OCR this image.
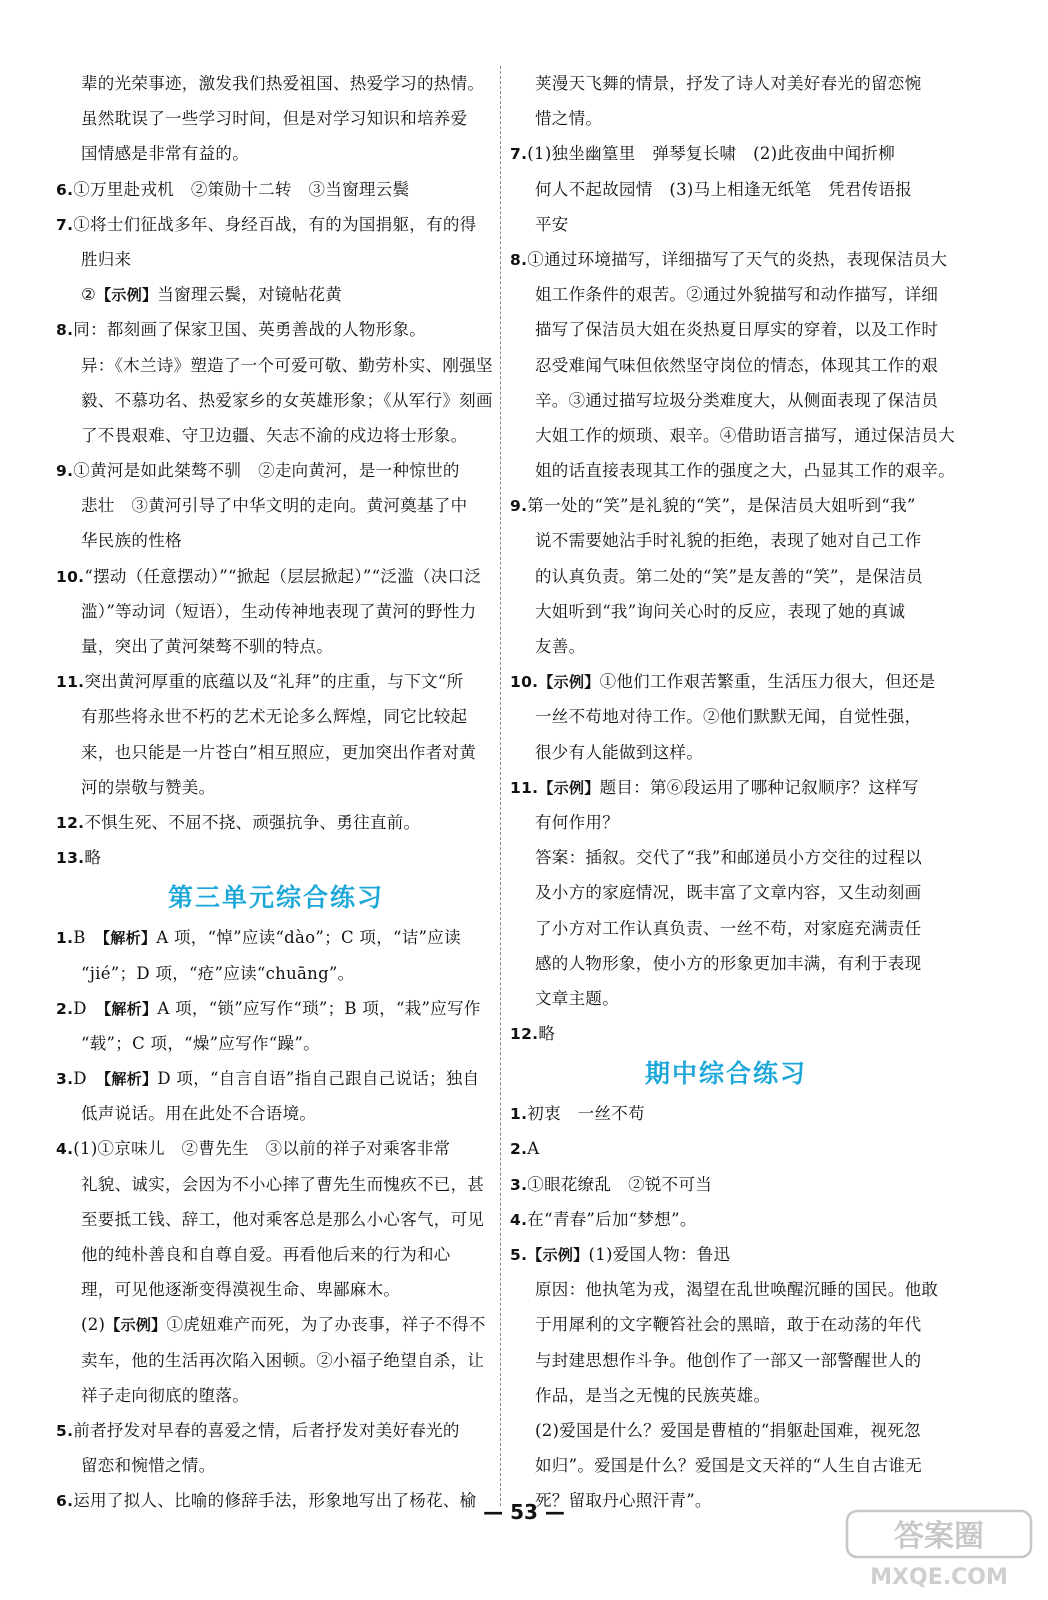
辈的光荣事迹，激发我们热爱祖国、热爱学习的热情。
虽然耽误了一些学习时间，但是对学习知识和培养爱
国情感是非常有益的。
6.①万里赴戎机　②策勋十二转　③当窗理云鬓
7.①将士们征战多年、身经百战，有的为国捐躯，有的得
胜归来
②【示例】当窗理云鬓，对镜帖花黄
8.同：都刻画了保家卫国、英勇善战的人物形象。
异：《木兰诗》塑造了一个可爱可敬、勤劳朴实、刚强坚
毅、不慕功名、热爱家乡的女英雄形象；《从军行》刻画
了不畏艰难、守卫边疆、矢志不渝的戍边将士形象。
9.①黄河是如此桀骜不驯　②走向黄河，是一种惊世的
悲壮　③黄河引导了中华文明的走向。黄河奠基了中
华民族的性格
10.“摆动（任意摆动）”“掀起（层层掀起）”“泛滥（决口泛
滥）”等动词（短语），生动传神地表现了黄河的野性力
量，突出了黄河桀骜不驯的特点。
11.突出黄河厚重的底蕴以及“礼拜”的庄重，与下文“所
有那些将永世不朽的艺术无论多么辉煌，同它比较起
来，也只能是一片苍白”相互照应，更加突出作者对黄
河的崇敬与赞美。
12.不惧生死、不屈不挠、顽强抗争、勇往直前。
13.略
第三单元综合练习
1.B　【解析】A 项，“悼”应读“dào”；C 项，“诘”应读
“jié”；D 项，“疮”应读“chuāng”。
2.D　【解析】A 项，“锁”应写作“琐”；B 项，“栽”应写作
“载”；C 项，“燥”应写作“躁”。
3.D　【解析】D 项，“自言自语”指自己跟自己说话；独自
低声说话。用在此处不合语境。
4.(1)①京味儿　②曹先生　③以前的祥子对乘客非常
礼貌、诚实，会因为不小心摔了曹先生而愧疚不已，甚
至要抵工钱、辞工，他对乘客总是那么小心客气，可见
他的纯朴善良和自尊自爱。再看他后来的行为和心
理，可见他逐渐变得漠视生命、卑鄙麻木。
(2)【示例】①虎妞难产而死，为了办丧事，祥子不得不
卖车，他的生活再次陷入困顿。②小福子绝望自杀，让
祥子走向彻底的堕落。
5.前者抒发对早春的喜爱之情，后者抒发对美好春光的
留恋和惋惜之情。
6.运用了拟人、比喻的修辞手法，形象地写出了杨花、榆
荚漫天飞舞的情景，抒发了诗人对美好春光的留恋惋
惜之情。
7.(1)独坐幽篁里　弹琴复长啸　(2)此夜曲中闻折柳
何人不起故园情　(3)马上相逢无纸笔　凭君传语报
平安
8.①通过环境描写，详细描写了天气的炎热，表现保洁员大
姐工作条件的艰苦。②通过外貌描写和动作描写，详细
描写了保洁员大姐在炎热夏日厚实的穿着，以及工作时
忍受难闻气味但依然坚守岗位的情态，体现其工作的艰
辛。③通过描写垃圾分类难度大，从侧面表现了保洁员
大姐工作的烦琐、艰辛。④借助语言描写，通过保洁员大
姐的话直接表现其工作的强度之大，凸显其工作的艰辛。
9.第一处的“笑”是礼貌的“笑”，是保洁员大姐听到“我”
说不需要她沾手时礼貌的拒绝，表现了她对自己工作
的认真负责。第二处的“笑”是友善的“笑”，是保洁员
大姐听到“我”询问关心时的反应，表现了她的真诚
友善。
10.【示例】①他们工作艰苦繁重，生活压力很大，但还是
一丝不苟地对待工作。②他们默默无闻，自觉性强，
很少有人能做到这样。
11.【示例】题目：第⑥段运用了哪种记叙顺序？这样写
有何作用？
答案：插叙。交代了“我”和邮递员小方交往的过程以
及小方的家庭情况，既丰富了文章内容，又生动刻画
了小方对工作认真负责、一丝不苟，对家庭充满责任
感的人物形象，使小方的形象更加丰满，有利于表现
文章主题。
12.略
期中综合练习
1.初衷　一丝不苟
2.A
3.①眼花缭乱　②锐不可当
4.在“青春”后加“梦想”。
5.【示例】(1)爱国人物：鲁迅
原因：他执笔为戎，渴望在乱世唤醒沉睡的国民。他敢
于用犀利的文字鞭笞社会的黑暗，敢于在动荡的年代
与封建思想作斗争。他创作了一部又一部警醒世人的
作品，是当之无愧的民族英雄。
(2)爱国是什么？爱国是曹植的“捐躯赴国难，视死忽
如归”。爱国是什么？爱国是文天祥的“人生自古谁无
死？留取丹心照汗青”。
— 53 —
答案圈
MXQE.COM
